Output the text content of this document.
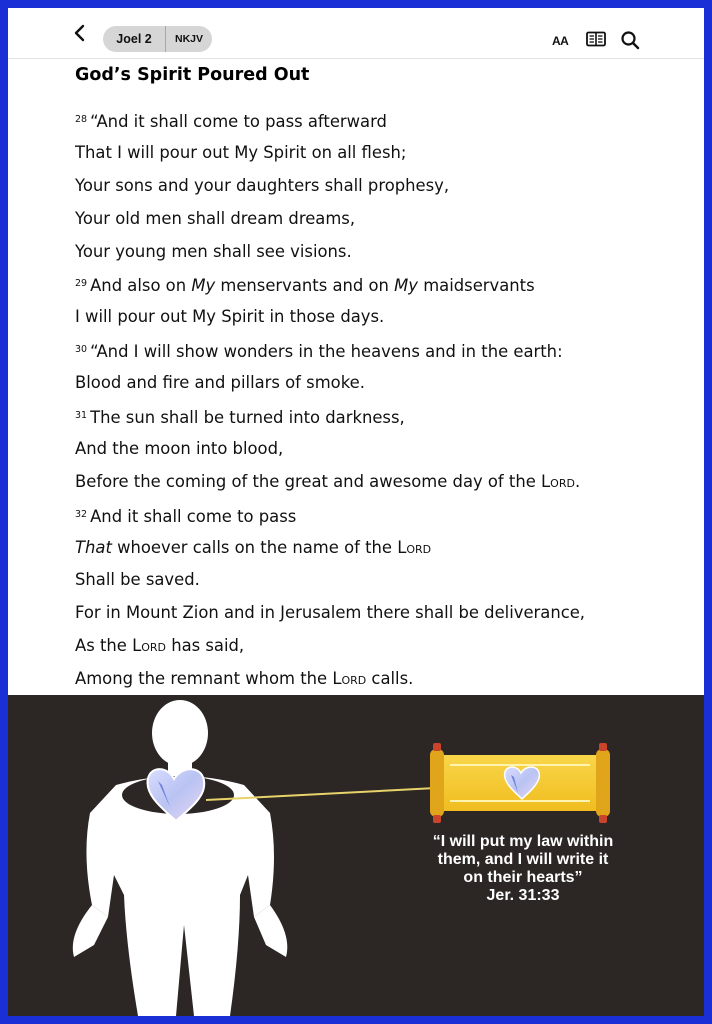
Joel 2	NKJV	AA
God’s Spirit Poured Out
$^{28}$ “And it shall come to pass afterward
That I will pour out My Spirit on all flesh;
Your sons and your daughters shall prophesy,
Your old men shall dream dreams,
Your young men shall see visions.
$^{29}$ And also on My menservants and on My maidservants
I will pour out My Spirit in those days.
$^{30}$ “And I will show wonders in the heavens and in the earth:
Blood and fire and pillars of smoke.
$^{31}$ The sun shall be turned into darkness,
And the moon into blood,
Before the coming of the great and awesome day of the Lord.
$^{32}$ And it shall come to pass
That whoever calls on the name of the Lord
Shall be saved.
For in Mount Zion and in Jerusalem there shall be deliverance,
As the Lord has said,
Among the remnant whom the Lord calls.
“I will put my law within
them, and I will write it
on their hearts”
Jer. 31:33
